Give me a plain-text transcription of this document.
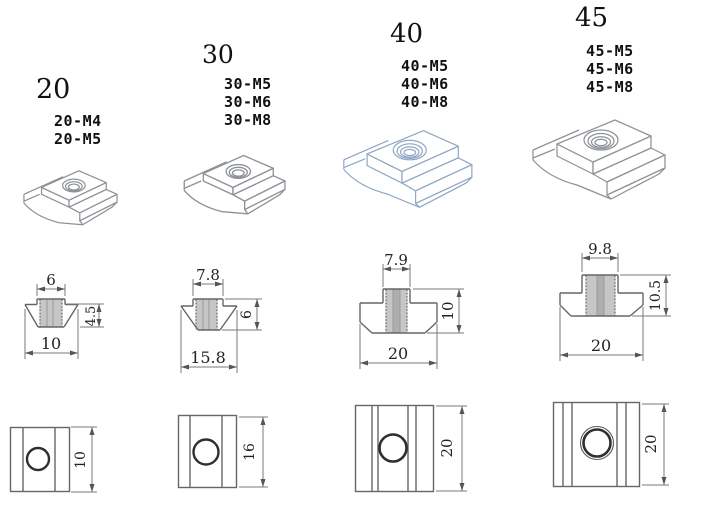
20
30
40
45
20-M4
20-M5
30-M5
30-M6
30-M8
40-M5
40-M6
40-M8
45-M5
45-M6
45-M8
6
10
4.5
7.8
15.8
6
7.9
20
10
9.8
20
10.5
10	16	20	20
